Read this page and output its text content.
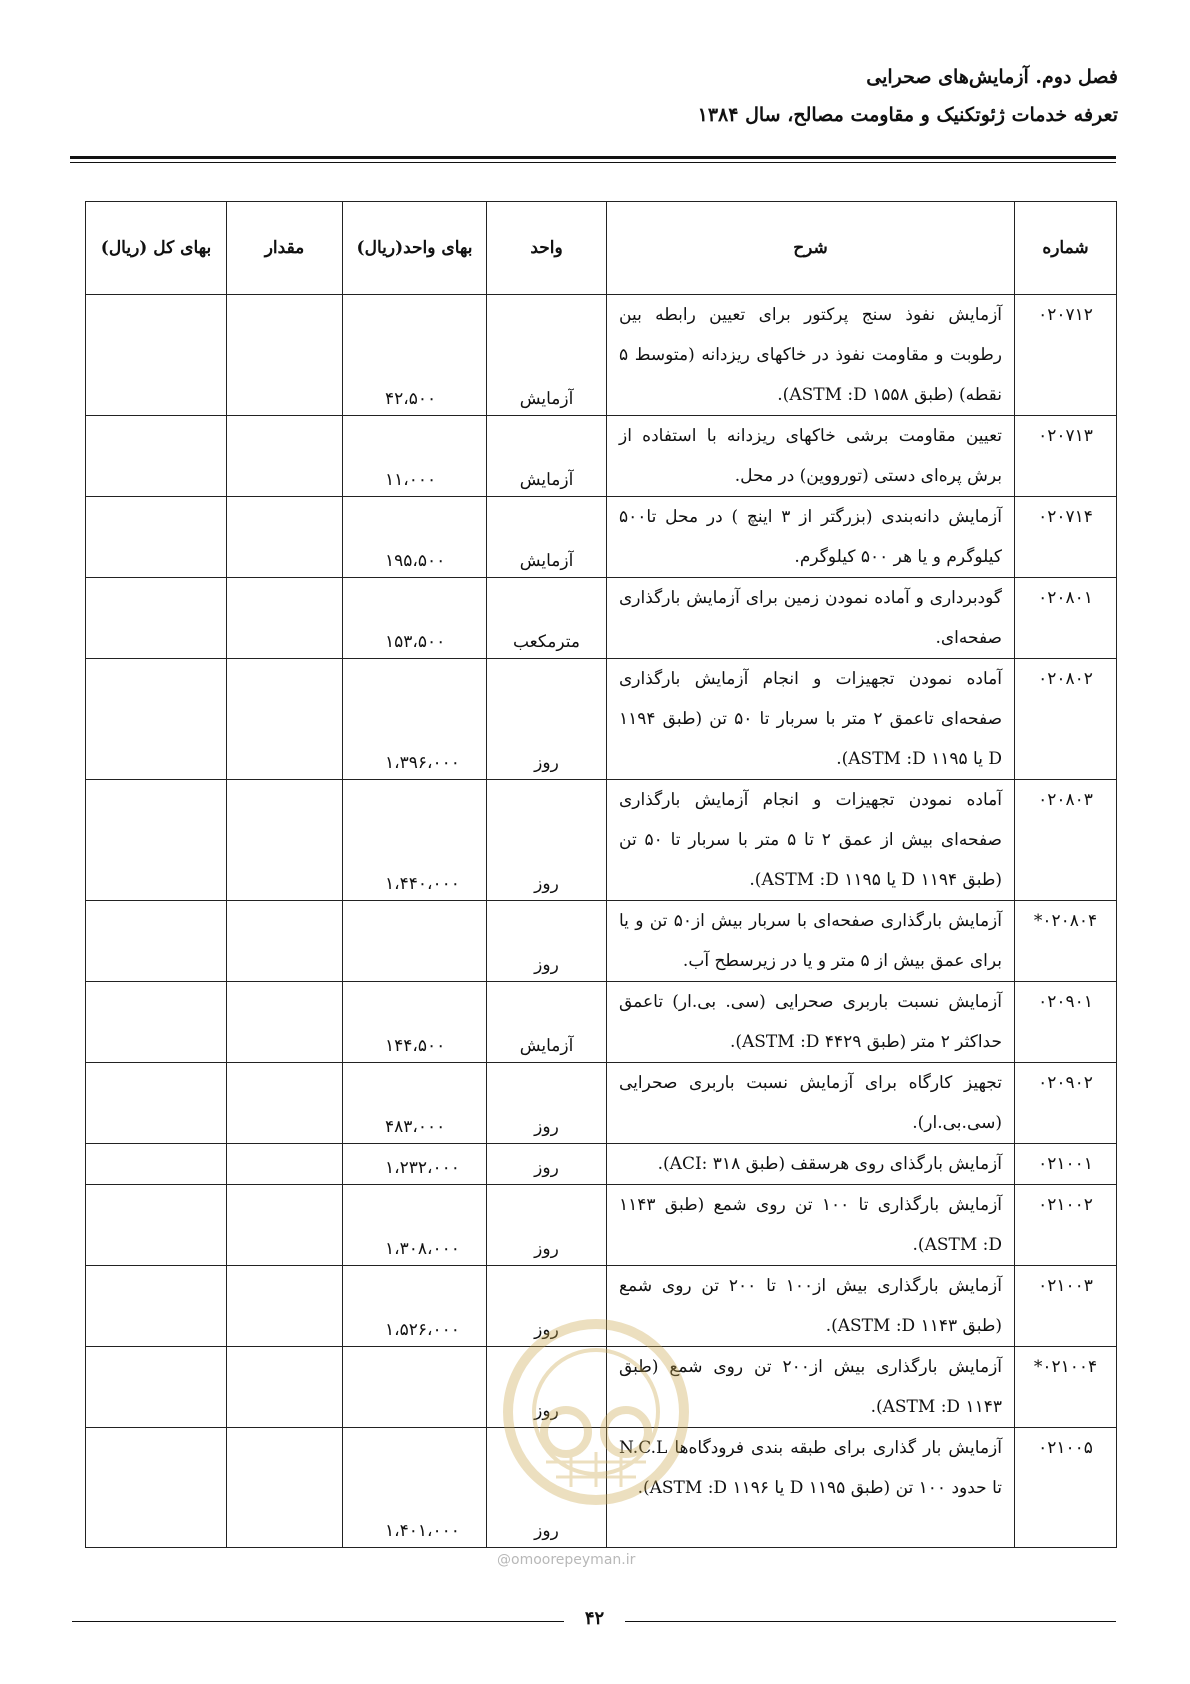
فصل دوم. آزمایش‌های صحرایی
تعرفه خدمات ژئوتکنیک و مقاومت مصالح، سال ۱۳۸۴
شماره	شرح	واحد	بهای واحد(ریال)	مقدار	بهای کل (ریال)
۰۲۰۷۱۲	آزمایش نفوذ سنج پرکتور برای تعیین رابطه بین رطوبت و مقاومت نفوذ در خاکهای ریزدانه (متوسط ۵ نقطه) (طبق ASTM :D ۱۵۵۸).	آزمایش	۴۲،۵۰۰		
۰۲۰۷۱۳	تعیین مقاومت برشی خاکهای ریزدانه با استفاده از برش پره‌ای دستی (تورووین) در محل.	آزمایش	۱۱،۰۰۰		
۰۲۰۷۱۴	آزمایش دانه‌بندی (بزرگتر از ۳ اینچ ) در محل تا۵۰۰ کیلوگرم و یا هر ۵۰۰ کیلوگرم.	آزمایش	۱۹۵،۵۰۰		
۰۲۰۸۰۱	گودبرداری و آماده نمودن زمین برای آزمایش بارگذاری صفحه‌ای.	مترمکعب	۱۵۳،۵۰۰		
۰۲۰۸۰۲	آماده نمودن تجهیزات و انجام آزمایش بارگذاری صفحه‌ای تاعمق ۲ متر با سربار تا ۵۰ تن (طبق ۱۱۹۴ D یا ۱۱۹۵ ASTM :D).	روز	۱،۳۹۶،۰۰۰		
۰۲۰۸۰۳	آماده نمودن تجهیزات و انجام آزمایش بارگذاری صفحه‌ای بیش از عمق ۲ تا ۵ متر با سربار تا ۵۰ تن (طبق ۱۱۹۴ D یا ۱۱۹۵ ASTM :D).	روز	۱،۴۴۰،۰۰۰		
۰۲۰۸۰۴*	آزمایش بارگذاری صفحه‌ای با سربار بیش از۵۰ تن و یا برای عمق بیش از ۵ متر و یا در زیرسطح آب.	روز			
۰۲۰۹۰۱	آزمایش نسبت باربری صحرایی (سی. بی.ار) تاعمق حداکثر ۲ متر (طبق ۴۴۲۹ ASTM :D).	آزمایش	۱۴۴،۵۰۰		
۰۲۰۹۰۲	تجهیز کارگاه برای آزمایش نسبت باربری صحرایی (سی.بی.ار).	روز	۴۸۳،۰۰۰		
۰۲۱۰۰۱	آزمایش بارگذای روی هرسقف (طبق ACI: ۳۱۸).	روز	۱،۲۳۲،۰۰۰		
۰۲۱۰۰۲	آزمایش بارگذاری تا ۱۰۰ تن روی شمع (طبق ۱۱۴۳ ASTM :D).	روز	۱،۳۰۸،۰۰۰		
۰۲۱۰۰۳	آزمایش بارگذاری بیش از۱۰۰ تا ۲۰۰ تن روی شمع (طبق ۱۱۴۳ ASTM :D).	روز	۱،۵۲۶،۰۰۰		
۰۲۱۰۰۴*	آزمایش بارگذاری بیش از۲۰۰ تن روی شمع (طبق ۱۱۴۳ ASTM :D).	روز			
۰۲۱۰۰۵	آزمایش بار گذاری برای طبقه بندی فرودگاه‌ها N.C.L تا حدود ۱۰۰ تن (طبق ۱۱۹۵ D یا ۱۱۹۶ ASTM :D).	روز	۱،۴۰۱،۰۰۰		
@omoorepeyman.ir
۴۲
